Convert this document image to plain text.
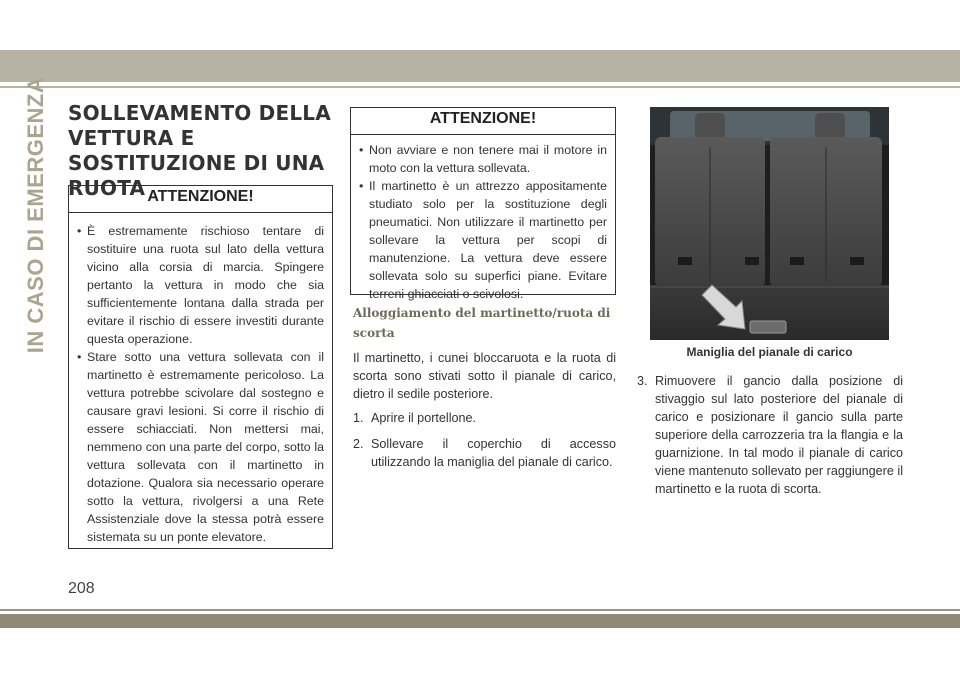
IN CASO DI EMERGENZA SOLLEVAMENTO DELLA VETTURA E SOSTITUZIONE DI UNA RUOTA ATTENZIONE!
• È estremamente rischioso tentare di sostituire una ruota sul lato della vettura vicino alla corsia di marcia. Spingere pertanto la vettura in modo che sia sufficientemente lontana dalla strada per evitare il rischio di essere investiti durante questa operazione.
• Stare sotto una vettura sollevata con il martinetto è estremamente pericoloso. La vettura potrebbe scivolare dal sostegno e causare gravi lesioni. Si corre il rischio di essere schiacciati. Non mettersi mai, nemmeno con una parte del corpo, sotto la vettura sollevata con il martinetto in dotazione. Qualora sia necessario operare sotto la vettura, rivolgersi a una Rete Assistenziale dove la stessa potrà essere sistemata su un ponte elevatore.
ATTENZIONE!
• Non avviare e non tenere mai il motore in moto con la vettura sollevata.
• Il martinetto è un attrezzo appositamente studiato solo per la sostituzione degli pneumatici. Non utilizzare il martinetto per sollevare la vettura per scopi di manutenzione. La vettura deve essere sollevata solo su superfici piane. Evitare terreni ghiacciati o scivolosi.
Alloggiamento del martinetto/ruota di scorta

Il martinetto, i cunei bloccaruota e la ruota di scorta sono stivati sotto il pianale di carico, dietro il sedile posteriore.

1. Aprire il portellone.
2. Sollevare il coperchio di accesso utilizzando la maniglia del pianale di carico.
Maniglia del pianale di carico
3. Rimuovere il gancio dalla posizione di stivaggio sul lato posteriore del pianale di carico e posizionare il gancio sulla parte superiore della carrozzeria tra la flangia e la guarnizione. In tal modo il pianale di carico viene mantenuto sollevato per raggiungere il martinetto e la ruota di scorta.
208
